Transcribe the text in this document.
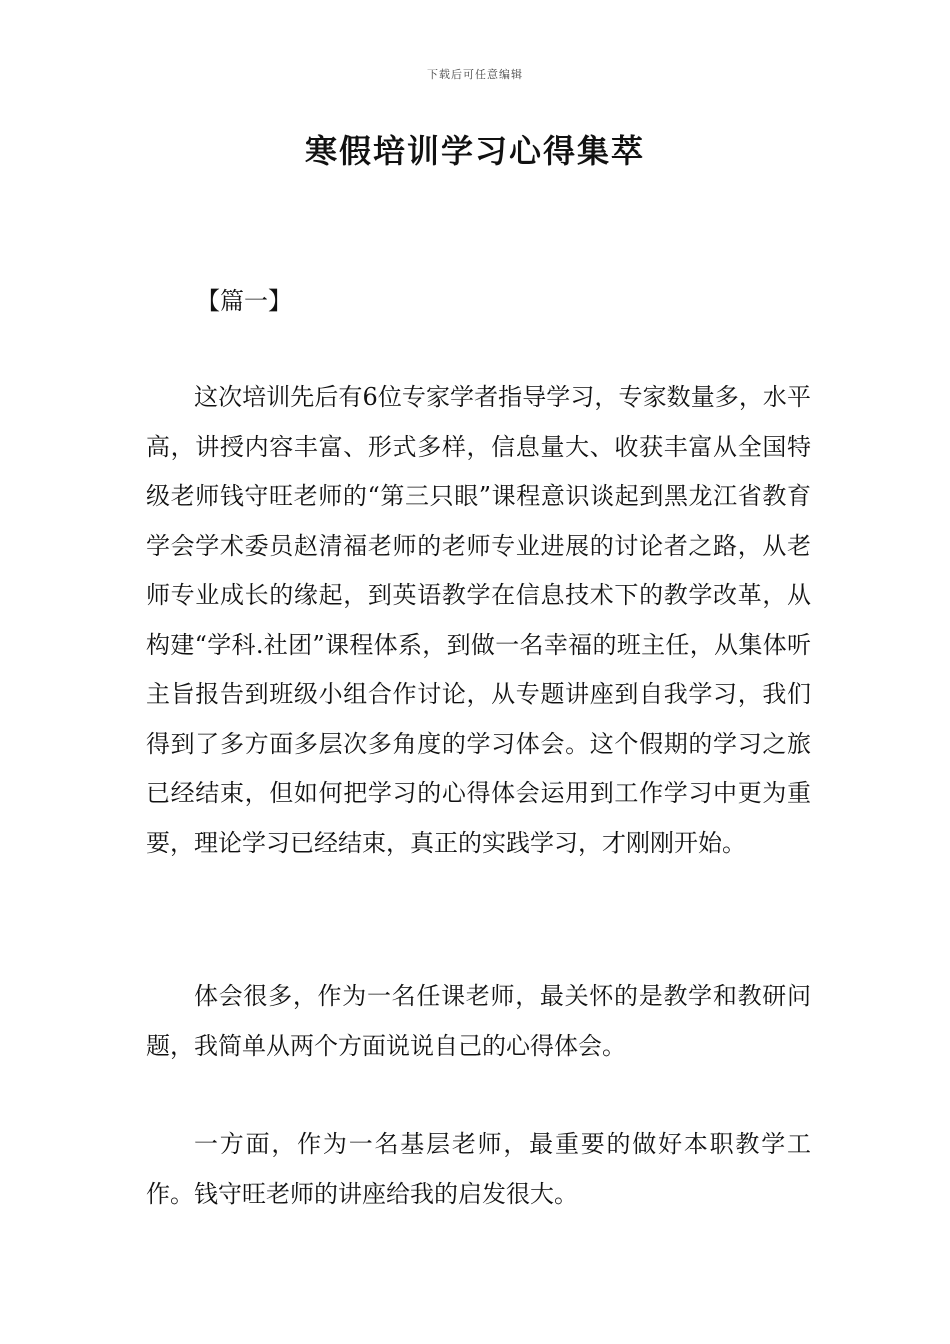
下载后可任意编辑
寒假培训学习心得集萃

【篇一】

这次培训先后有6位专家学者指导学习，专家数量多，水平高，讲授内容丰富、形式多样，信息量大、收获丰富从全国特级老师钱守旺老师的“第三只眼”课程意识谈起到黑龙江省教育学会学术委员赵清福老师的老师专业进展的讨论者之路，从老师专业成长的缘起，到英语教学在信息技术下的教学改革，从构建“学科.社团”课程体系，到做一名幸福的班主任，从集体听主旨报告到班级小组合作讨论，从专题讲座到自我学习，我们得到了多方面多层次多角度的学习体会。这个假期的学习之旅已经结束，但如何把学习的心得体会运用到工作学习中更为重要，理论学习已经结束，真正的实践学习，才刚刚开始。

体会很多，作为一名任课老师，最关怀的是教学和教研问题，我简单从两个方面说说自己的心得体会。

一方面，作为一名基层老师，最重要的做好本职教学工作。钱守旺老师的讲座给我的启发很大。
